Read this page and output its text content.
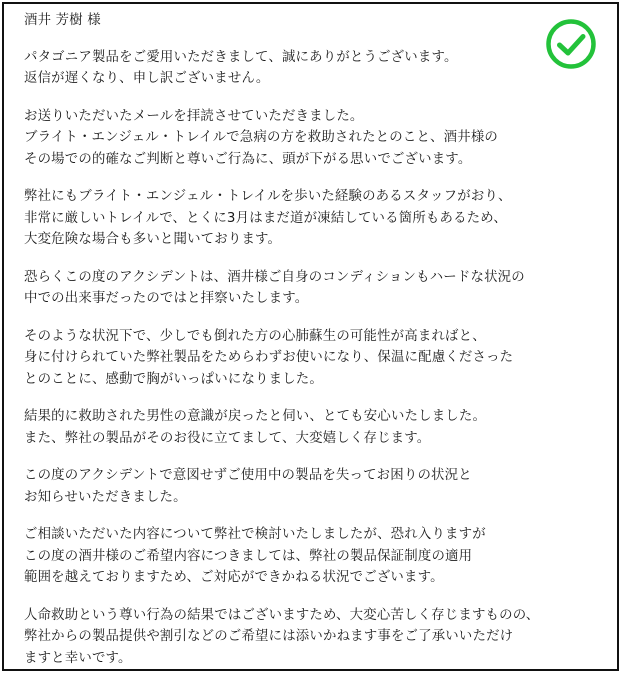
酒井 芳樹 様
パタゴニア製品をご愛用いただきまして、誠にありがとうございます。
返信が遅くなり、申し訳ございません。
お送りいただいたメールを拝読させていただきました。
ブライト・エンジェル・トレイルで急病の方を救助されたとのこと、酒井様の
その場での的確なご判断と尊いご行為に、頭が下がる思いでございます。
弊社にもブライト・エンジェル・トレイルを歩いた経験のあるスタッフがおり、
非常に厳しいトレイルで、とくに3月はまだ道が凍結している箇所もあるため、
大変危険な場合も多いと聞いております。
恐らくこの度のアクシデントは、酒井様ご自身のコンディションもハードな状況の
中での出来事だったのではと拝察いたします。
そのような状況下で、少しでも倒れた方の心肺蘇生の可能性が高まればと、
身に付けられていた弊社製品をためらわずお使いになり、保温に配慮くださった
とのことに、感動で胸がいっぱいになりました。
結果的に救助された男性の意識が戻ったと伺い、とても安心いたしました。
また、弊社の製品がそのお役に立てまして、大変嬉しく存じます。
この度のアクシデントで意図せずご使用中の製品を失ってお困りの状況と
お知らせいただきました。
ご相談いただいた内容について弊社で検討いたしましたが、恐れ入りますが
この度の酒井様のご希望内容につきましては、弊社の製品保証制度の適用
範囲を越えておりますため、ご対応ができかねる状況でございます。
人命救助という尊い行為の結果ではございますため、大変心苦しく存じますものの、
弊社からの製品提供や割引などのご希望には添いかねます事をご了承いいただけ
ますと幸いです。
